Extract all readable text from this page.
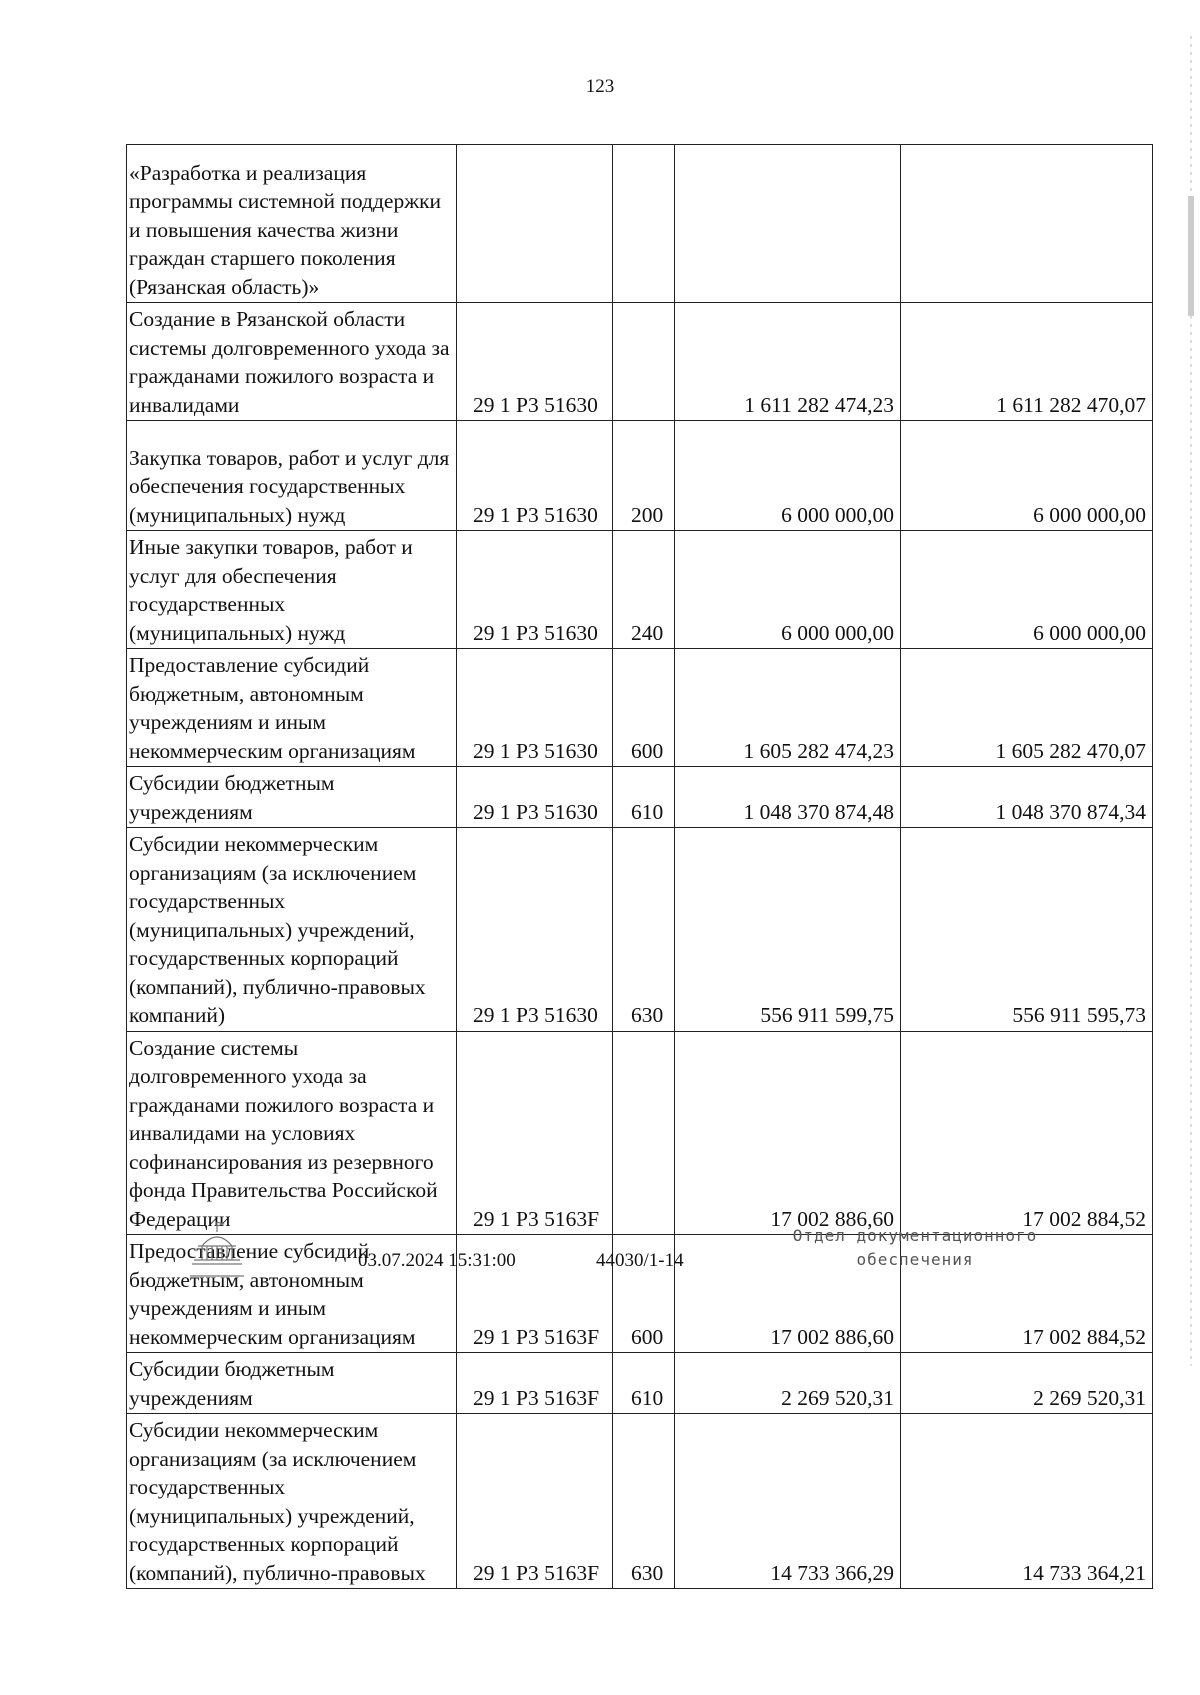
123
«Разработка и реализация программы системной поддержки и повышения качества жизни граждан старшего поколения (Рязанская область)»				
Создание в Рязанской области системы долговременного ухода за гражданами пожилого возраста и инвалидами	29 1 Р3 51630		1 611 282 474,23	1 611 282 470,07
Закупка товаров, работ и услуг для обеспечения государственных (муниципальных) нужд	29 1 Р3 51630	200	6 000 000,00	6 000 000,00
Иные закупки товаров, работ и услуг для обеспечения государственных (муниципальных) нужд	29 1 Р3 51630	240	6 000 000,00	6 000 000,00
Предоставление субсидий бюджетным, автономным учреждениям и иным некоммерческим организациям	29 1 Р3 51630	600	1 605 282 474,23	1 605 282 470,07
Субсидии бюджетным учреждениям	29 1 Р3 51630	610	1 048 370 874,48	1 048 370 874,34
Субсидии некоммерческим организациям (за исключением государственных (муниципальных) учреждений, государственных корпораций (компаний), публично-правовых компаний)	29 1 Р3 51630	630	556 911 599,75	556 911 595,73
Создание системы долговременного ухода за гражданами пожилого возраста и инвалидами на условиях софинансирования из резервного фонда Правительства Российской Федерации	29 1 Р3 5163F		17 002 886,60	17 002 884,52
Предоставление субсидий бюджетным, автономным учреждениям и иным некоммерческим организациям	29 1 Р3 5163F	600	17 002 886,60	17 002 884,52
Субсидии бюджетным учреждениям	29 1 Р3 5163F	610	2 269 520,31	2 269 520,31
Субсидии некоммерческим организациям (за исключением государственных (муниципальных) учреждений, государственных корпораций (компаний), публично-правовых	29 1 Р3 5163F	630	14 733 366,29	14 733 364,21
03.07.2024 15:31:00	44030/1-14
Отдел документационного
обеспечения
